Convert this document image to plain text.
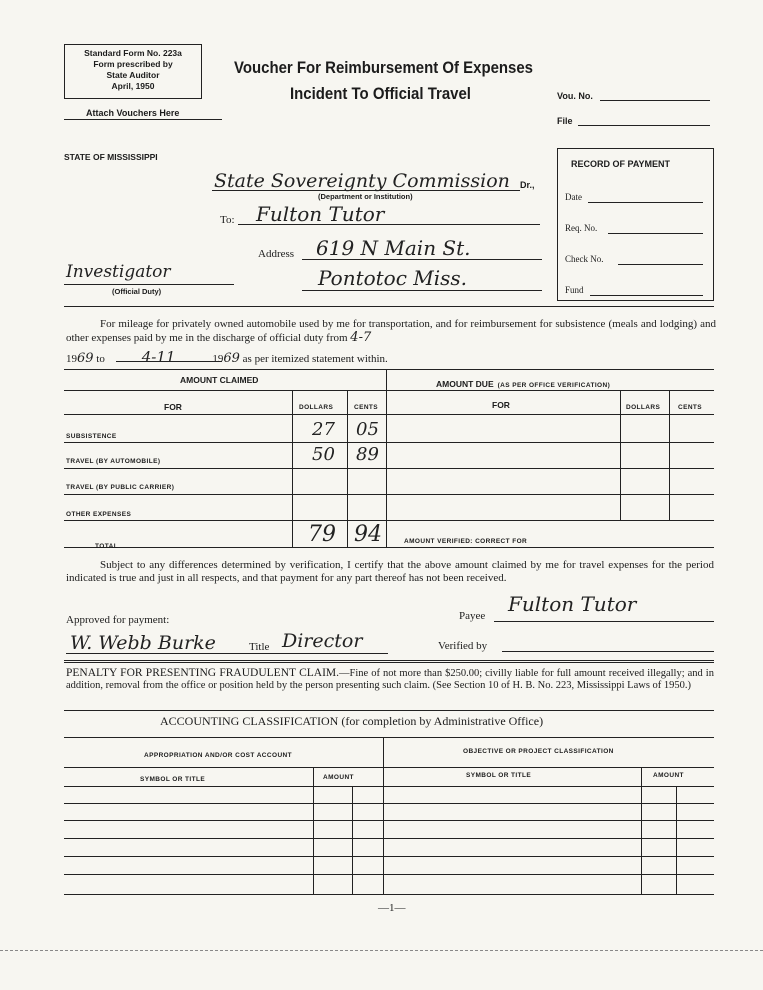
Standard Form No. 223a
Form prescribed by
State Auditor
April, 1950
Attach Vouchers Here
Voucher For Reimbursement Of Expenses
Incident To Official Travel	Vou. No.
File
STATE OF MISSISSIPPI
State Sovereignty Commission Dr.,
(Department or Institution)
To: Fulton Tutor
Address 619 N Main St.
Pontotoc Miss.
Investigator
(Official Duty)
RECORD OF PAYMENT
Date
Req. No.
Check No.
Fund
For mileage for privately owned automobile used by me for transportation, and for reimbursement for subsistence (meals and lodging) and other expenses paid by me in the discharge of official duty from 4-7
1969 to 4-11	1969 as per itemized statement within.
AMOUNT CLAIMED	AMOUNT DUE (AS PER OFFICE VERIFICATION)
FOR	DOLLARS	CENTS	FOR	DOLLARS	CENTS
SUBSISTENCE	27 05
TRAVEL (BY AUTOMOBILE)	50 89
TRAVEL (BY PUBLIC CARRIER)
OTHER EXPENSES
TOTAL	79 94	AMOUNT VERIFIED: CORRECT FOR
Subject to any differences determined by verification, I certify that the above amount claimed by me for travel expenses for the period indicated is true and just in all respects, and that payment for any part thereof has not been received.
Approved for payment:	Payee Fulton Tutor
W. Webb Burke	Title Director	Verified by
PENALTY FOR PRESENTING FRAUDULENT CLAIM.—Fine of not more than $250.00; civilly liable for full amount received illegally; and in addition, removal from the office or position held by the person presenting such claim. (See Section 10 of H. B. No. 223, Mississippi Laws of 1950.)
ACCOUNTING CLASSIFICATION (for completion by Administrative Office)
APPROPRIATION AND/OR COST ACCOUNT
OBJECTIVE OR PROJECT CLASSIFICATION
SYMBOL OR TITLE	AMOUNT	SYMBOL OR TITLE	AMOUNT
—1—
